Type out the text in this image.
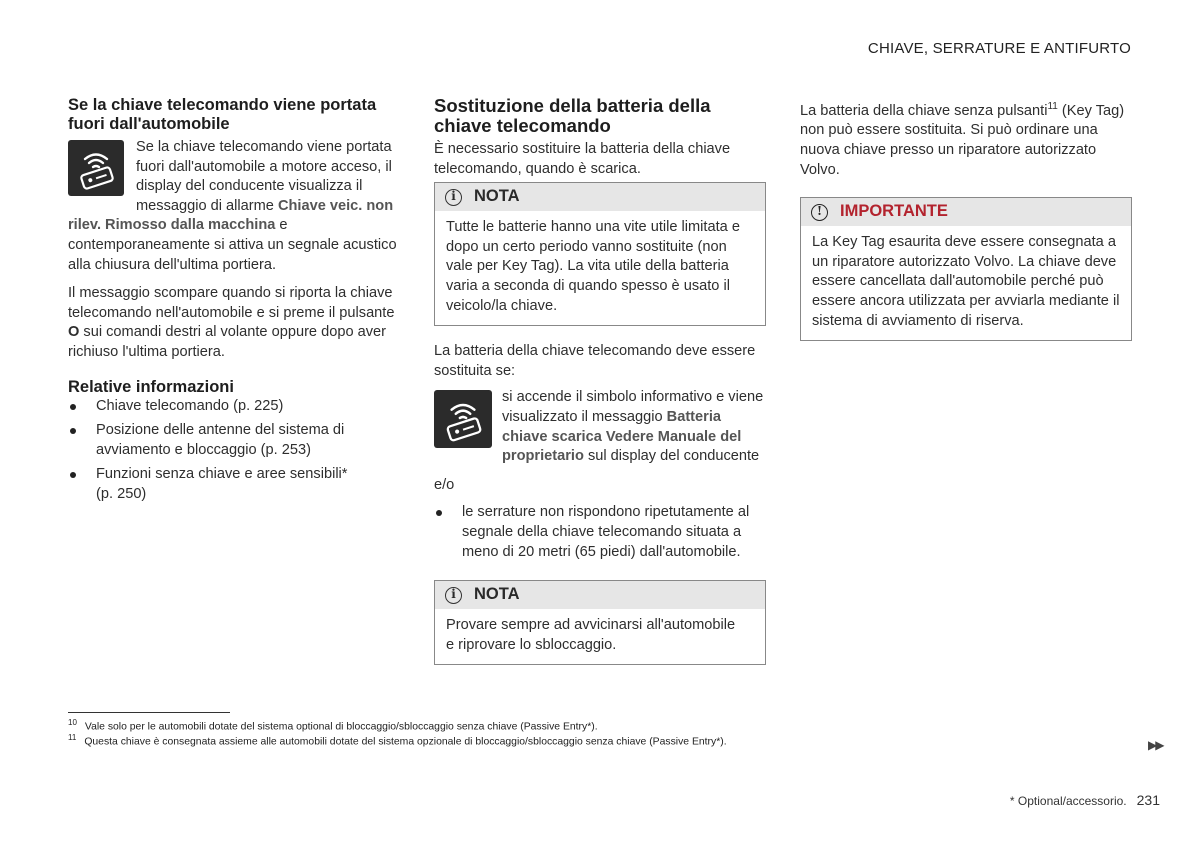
CHIAVE, SERRATURE E ANTIFURTO
Se la chiave telecomando viene portata fuori dall'automobile

Se la chiave telecomando viene portata fuori dall'automobile a motore acceso, il display del conducente visualizza il messaggio di allarme Chiave veic. non rilev. Rimosso dalla macchina e contemporaneamente si attiva un segnale acustico alla chiusura dell'ultima portiera.

Il messaggio scompare quando si riporta la chiave telecomando nell'automobile e si preme il pulsante O sui comandi destri al volante oppure dopo aver richiuso l'ultima portiera.

Relative informazioni
Chiave telecomando (p. 225)
Posizione delle antenne del sistema di avviamento e bloccaggio (p. 253)
Funzioni senza chiave e aree sensibili* (p. 250)
Sostituzione della batteria della chiave telecomando

È necessario sostituire la batteria della chiave telecomando, quando è scarica.

i	NOTA
Tutte le batterie hanno una vite utile limitata e dopo un certo periodo vanno sostituite (non vale per Key Tag). La vita utile della batteria varia a seconda di quando spesso è usato il veicolo/la chiave.

La batteria della chiave telecomando deve essere sostituita se:

si accende il simbolo informativo e viene visualizzato il messaggio Batteria chiave scarica Vedere Manuale del proprietario sul display del conducente

e/o

le serrature non rispondono ripetutamente al segnale della chiave telecomando situata a meno di 20 metri (65 piedi) dall'automobile.
i	NOTA
Provare sempre ad avvicinarsi all'automobile e riprovare lo sbloccaggio.

La batteria della chiave senza pulsanti$^{11}$ (Key Tag) non può essere sostituita. Si può ordinare una nuova chiave presso un riparatore autorizzato Volvo.

!	IMPORTANTE
La Key Tag esaurita deve essere consegnata a un riparatore autorizzato Volvo. La chiave deve essere cancellata dall'automobile perché può essere ancora utilizzata per avviarla mediante il sistema di avviamento di riserva.
$^{10}$ Vale solo per le automobili dotate del sistema optional di bloccaggio/sbloccaggio senza chiave (Passive Entry*).
$^{11}$ Questa chiave è consegnata assieme alle automobili dotate del sistema opzionale di bloccaggio/sbloccaggio senza chiave (Passive Entry*).	▶▶
* Optional/accessorio. 231
